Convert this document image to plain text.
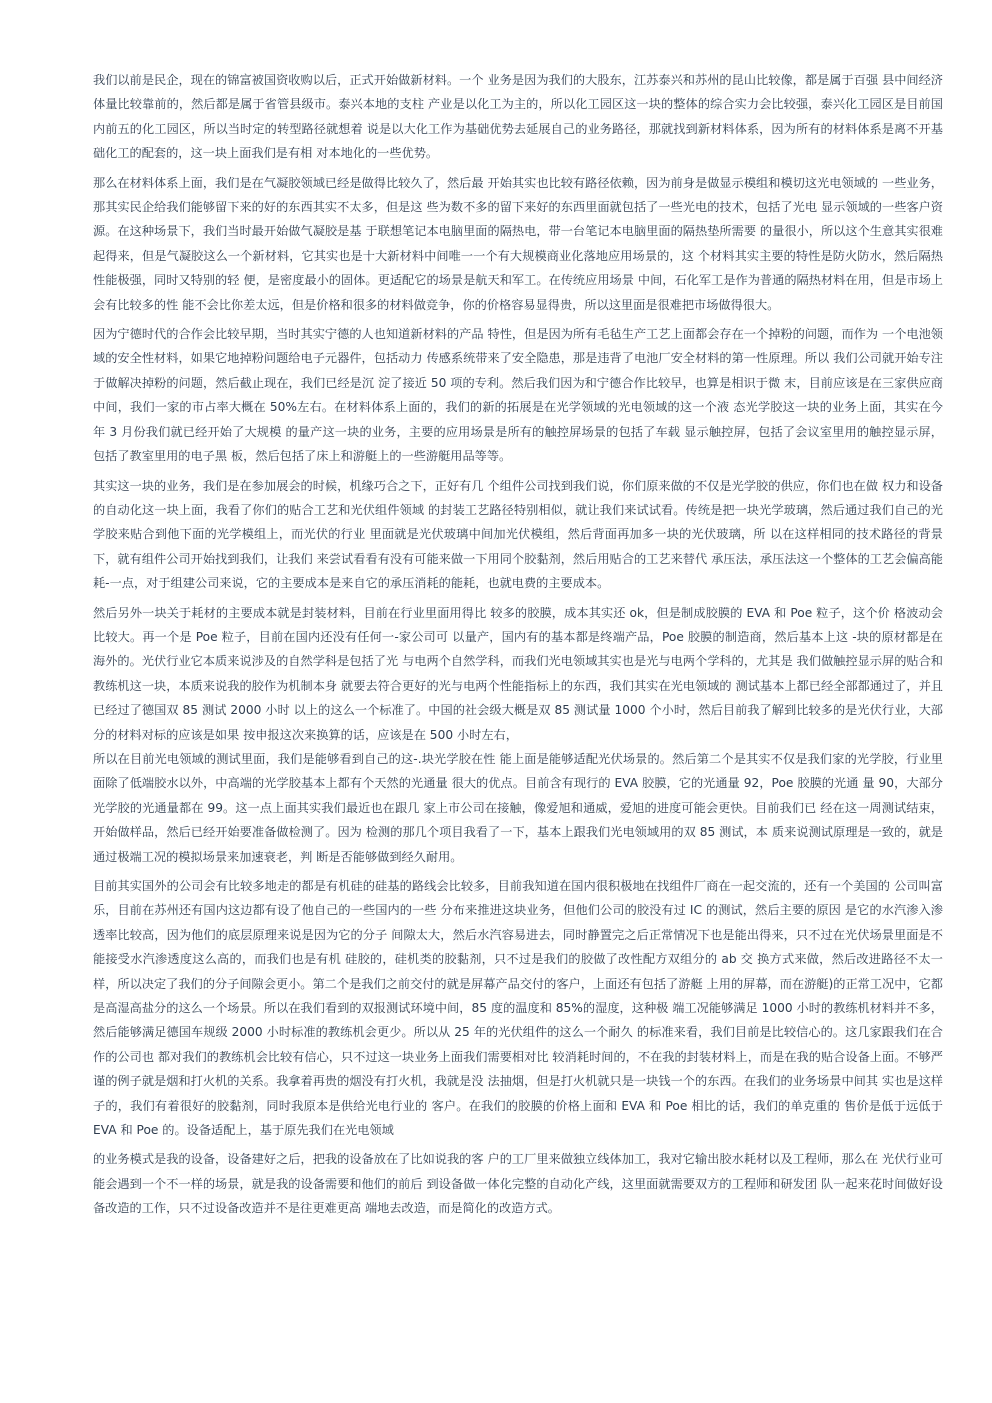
我们以前是民企，现在的锦富被国资收购以后，正式开始做新材料。一个 业务是因为我们的大股东，江苏泰兴和苏州的昆山比较像，都是属于百强 县中间经济体量比较靠前的，然后都是属于省管县级市。泰兴本地的支柱 产业是以化工为主的，所以化工园区这一块的整体的综合实力会比较强，泰兴化工园区是目前国内前五的化工园区，所以当时定的转型路径就想着 说是以大化工作为基础优势去延展自己的业务路径，那就找到新材料体系，因为所有的材料体系是离不开基础化工的配套的，这一块上面我们是有相 对本地化的一些优势。

那么在材料体系上面，我们是在气凝胶领域已经是做得比较久了，然后最 开始其实也比较有路径依赖，因为前身是做显示模组和模切这光电领域的 一些业务，那其实民企给我们能够留下来的好的东西其实不太多，但是这 些为数不多的留下来好的东西里面就包括了一些光电的技术，包括了光电 显示领域的一些客户资源。在这种场景下，我们当时最开始做气凝胶是基 于联想笔记本电脑里面的隔热电，带一台笔记本电脑里面的隔热垫所需要 的量很小，所以这个生意其实很难起得来，但是气凝胶这么一个新材料，它其实也是十大新材料中间唯一一个有大规模商业化落地应用场景的，这 个材料其实主要的特性是防火防水，然后隔热性能极强，同时又特别的轻 便，是密度最小的固体。更适配它的场景是航天和军工。在传统应用场景 中间，石化军工是作为普通的隔热材料在用，但是市场上会有比较多的性 能不会比你差太远，但是价格和很多的材料做竞争，你的价格容易显得贵，所以这里面是很难把市场做得很大。

因为宁德时代的合作会比较早期，当时其实宁德的人也知道新材料的产品 特性，但是因为所有毛毡生产工艺上面都会存在一个掉粉的问题，而作为 一个电池领域的安全性材料，如果它地掉粉问题给电子元器件，包括动力 传感系统带来了安全隐患，那是违背了电池厂安全材料的第一性原理。所以 我们公司就开始专注于做解决掉粉的问题，然后截止现在，我们已经是沉 淀了接近 50 项的专利。然后我们因为和宁德合作比较早，也算是相识于微 末，目前应该是在三家供应商中间，我们一家的市占率大概在 50%左右。在材料体系上面的，我们的新的拓展是在光学领域的光电领域的这一个液 态光学胶这一块的业务上面，其实在今年 3 月份我们就已经开始了大规模 的量产这一块的业务，主要的应用场景是所有的触控屏场景的包括了车载 显示触控屏，包括了会议室里用的触控显示屏，包括了教室里用的电子黑 板，然后包括了床上和游艇上的一些游艇用品等等。

其实这一块的业务，我们是在参加展会的时候，机缘巧合之下，正好有几 个组件公司找到我们说，你们原来做的不仅是光学胶的供应，你们也在做 权力和设备的自动化这一块上面，我看了你们的贴合工艺和光伏组件领域 的封装工艺路径特别相似，就让我们来试试看。传统是把一块光学玻璃，然后通过我们自己的光学胶来贴合到他下面的光学模组上，而光伏的行业 里面就是光伏玻璃中间加光伏模组，然后背面再加多一块的光伏玻璃，所 以在这样相同的技术路径的背景下，就有组件公司开始找到我们，让我们 来尝试看看有没有可能来做一下用同个胶黏剂，然后用贴合的工艺来替代 承压法，承压法这一个整体的工艺会偏高能耗-一点，对于组建公司来说，它的主要成本是来自它的承压消耗的能耗，也就电费的主要成本。

然后另外一块关于耗材的主要成本就是封装材料，目前在行业里面用得比 较多的胶膜，成本其实还 ok，但是制成胶膜的 EVA 和 Poe 粒子，这个价 格波动会比较大。再一个是 Poe 粒子，目前在国内还没有任何一-家公司可 以量产，国内有的基本都是终端产品，Poe 胶膜的制造商，然后基本上这 -块的原材都是在海外的。光伏行业它本质来说涉及的自然学科是包括了光 与电两个自然学科，而我们光电领域其实也是光与电两个学科的，尤其是 我们做触控显示屏的贴合和教练机这一块，本质来说我的胶作为机制本身 就要去符合更好的光与电两个性能指标上的东西，我们其实在光电领域的 测试基本上都已经全部都通过了，并且已经过了德国双 85 测试 2000 小时 以上的这么一个标准了。中国的社会级大概是双 85 测试量 1000 个小时，然后目前我了解到比较多的是光伏行业，大部分的材料对标的应该是如果 按申报这次来换算的话，应该是在 500 小时左右，

所以在目前光电领域的测试里面，我们是能够看到自己的这-.块光学胶在性 能上面是能够适配光伏场景的。然后第二个是其实不仅是我们家的光学胶，行业里面除了低端胶水以外，中高端的光学胶基本上都有个天然的光通量 很大的优点。目前含有现行的 EVA 胶膜，它的光通量 92，Poe 胶膜的光通 量 90，大部分光学胶的光通量都在 99。这一点上面其实我们最近也在跟几 家上市公司在接触，像爱旭和通威，爱旭的进度可能会更快。目前我们已 经在这一周测试结束， 开始做样品，然后已经开始要准备做检测了。因为 检测的那几个项目我看了一下，基本上跟我们光电领域用的双 85 测试，本 质来说测试原理是一致的，就是通过极端工况的模拟场景来加速衰老，判 断是否能够做到经久耐用。

目前其实国外的公司会有比较多地走的都是有机硅的硅基的路线会比较多，目前我知道在国内很积极地在找组件厂商在一起交流的，还有一个美国的 公司叫富乐，目前在苏州还有国内这边都有设了他自己的一些国内的一些 分布来推进这块业务，但他们公司的胶没有过 IC 的测试，然后主要的原因 是它的水汽渗入渗透率比较高，因为他们的底层原理来说是因为它的分子 间隙太大，然后水汽容易进去，同时静置完之后正常情况下也是能出得来，只不过在光伏场景里面是不能接受水汽渗透度这么高的，而我们也是有机 硅胶的，硅机类的胶黏剂，只不过是我们的胶做了改性配方双组分的 ab 交 换方式来做，然后改进路径不太一样，所以决定了我们的分子间隙会更小。第二个是我们之前交付的就是屏幕产品交付的客户，上面还有包括了游艇 上用的屏幕，而在游艇)的正常工况中，它都是高湿高盐分的这么一个场景。所以在我们看到的双报测试环境中间，85 度的温度和 85%的湿度，这种极 端工况能够满足 1000 小时的教练机材料并不多，然后能够满足德国车规级 2000 小时标准的教练机会更少。所以从 25 年的光伏组件的这么一个耐久 的标准来看，我们目前是比较信心的。这几家跟我们在合作的公司也 都对我们的教练机会比较有信心，只不过这一块业务上面我们需要相对比 较消耗时间的，不在我的封装材料上，而是在我的贴合设备上面。不够严 谨的例子就是烟和打火机的关系。我拿着再贵的烟没有打火机，我就是没 法抽烟，但是打火机就只是一块钱一个的东西。在我们的业务场景中间其 实也是这样子的，我们有着很好的胶黏剂，同时我原本是供给光电行业的 客户。在我们的胶膜的价格上面和 EVA 和 Poe 相比的话，我们的单克重的 售价是低于远低于 EVA 和 Poe 的。设备适配上，基于原先我们在光电领域

的业务模式是我的设备，设备建好之后，把我的设备放在了比如说我的客 户的工厂里来做独立线体加工，我对它输出胶水耗材以及工程师，那么在 光伏行业可能会遇到一个不一样的场景，就是我的设备需要和他们的前后 到设备做一体化完整的自动化产线，这里面就需要双方的工程师和研发团 队一起来花时间做好设备改造的工作，只不过设备改造并不是往更难更高 端地去改造，而是简化的改造方式。
